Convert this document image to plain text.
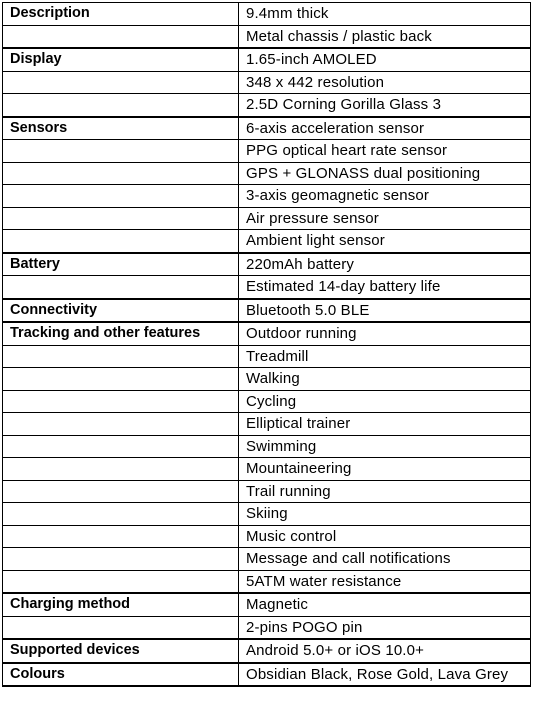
Description	9.4mm thick
	Metal chassis / plastic back
Display	1.65-inch AMOLED
	348 x 442 resolution
	2.5D Corning Gorilla Glass 3
Sensors	6-axis acceleration sensor
	PPG optical heart rate sensor
	GPS + GLONASS dual positioning
	3-axis geomagnetic sensor
	Air pressure sensor
	Ambient light sensor
Battery	220mAh battery
	Estimated 14-day battery life
Connectivity	Bluetooth 5.0 BLE
Tracking and other features	Outdoor running
	Treadmill
	Walking
	Cycling
	Elliptical trainer
	Swimming
	Mountaineering
	Trail running
	Skiing
	Music control
	Message and call notifications
	5ATM water resistance
Charging method	Magnetic
	2-pins POGO pin
Supported devices	Android 5.0+ or iOS 10.0+
Colours	Obsidian Black, Rose Gold, Lava Grey
